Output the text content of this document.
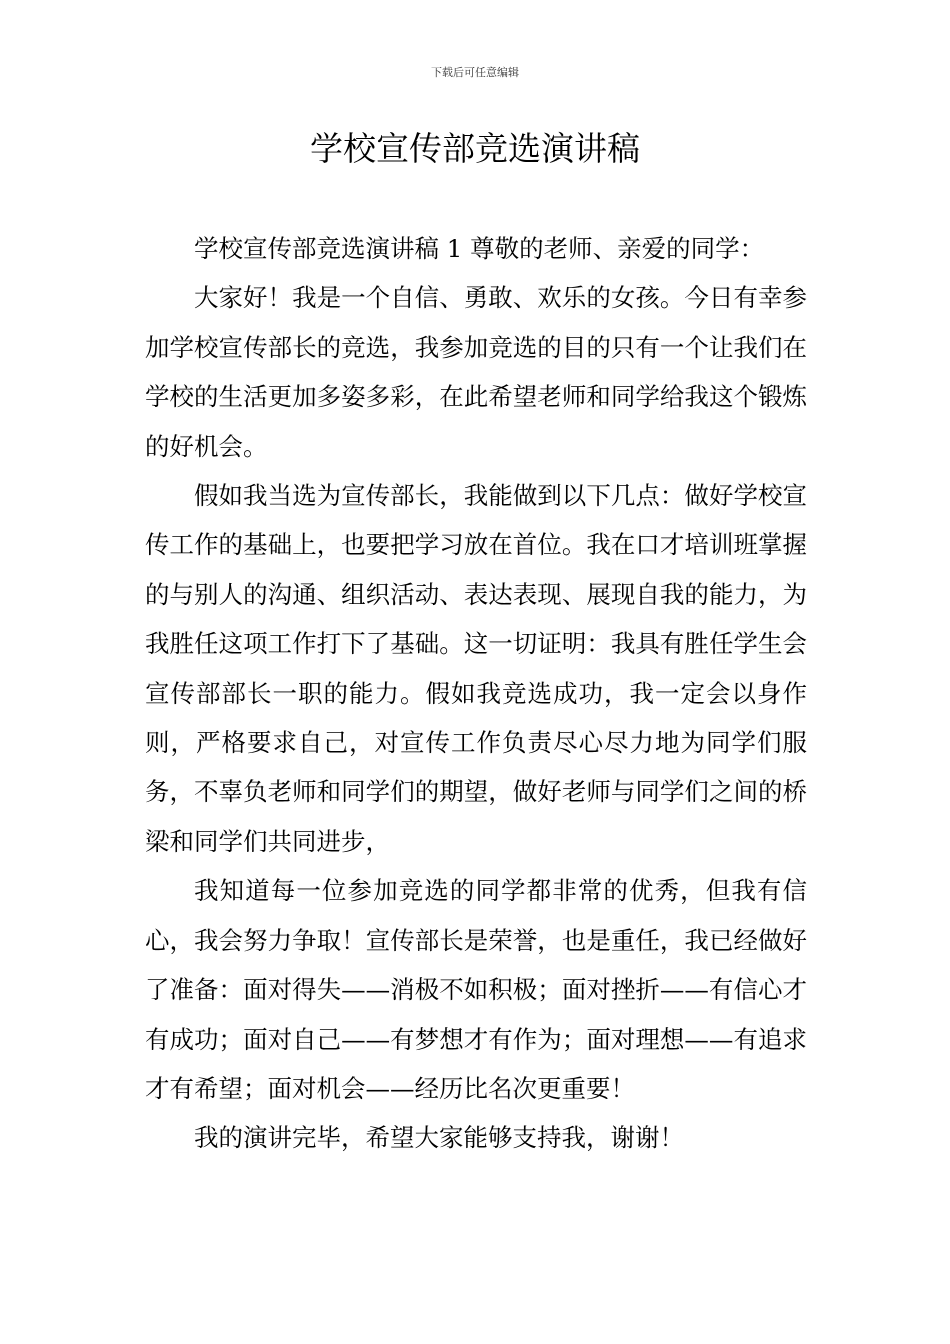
下载后可任意编辑
学校宣传部竞选演讲稿

学校宣传部竞选演讲稿 1 尊敬的老师、亲爱的同学：

大家好！我是一个自信、勇敢、欢乐的女孩。今日有幸参加学校宣传部长的竞选，我参加竞选的目的只有一个让我们在学校的生活更加多姿多彩，在此希望老师和同学给我这个锻炼的好机会。

假如我当选为宣传部长，我能做到以下几点：做好学校宣传工作的基础上，也要把学习放在首位。我在口才培训班掌握的与别人的沟通、组织活动、表达表现、展现自我的能力，为我胜任这项工作打下了基础。这一切证明：我具有胜任学生会宣传部部长一职的能力。假如我竞选成功，我一定会以身作则，严格要求自己，对宣传工作负责尽心尽力地为同学们服务，不辜负老师和同学们的期望，做好老师与同学们之间的桥梁和同学们共同进步，

我知道每一位参加竞选的同学都非常的优秀，但我有信心，我会努力争取！宣传部长是荣誉，也是重任，我已经做好了准备：面对得失——消极不如积极；面对挫折——有信心才有成功；面对自己——有梦想才有作为；面对理想——有追求才有希望；面对机会——经历比名次更重要！

我的演讲完毕，希望大家能够支持我，谢谢！
